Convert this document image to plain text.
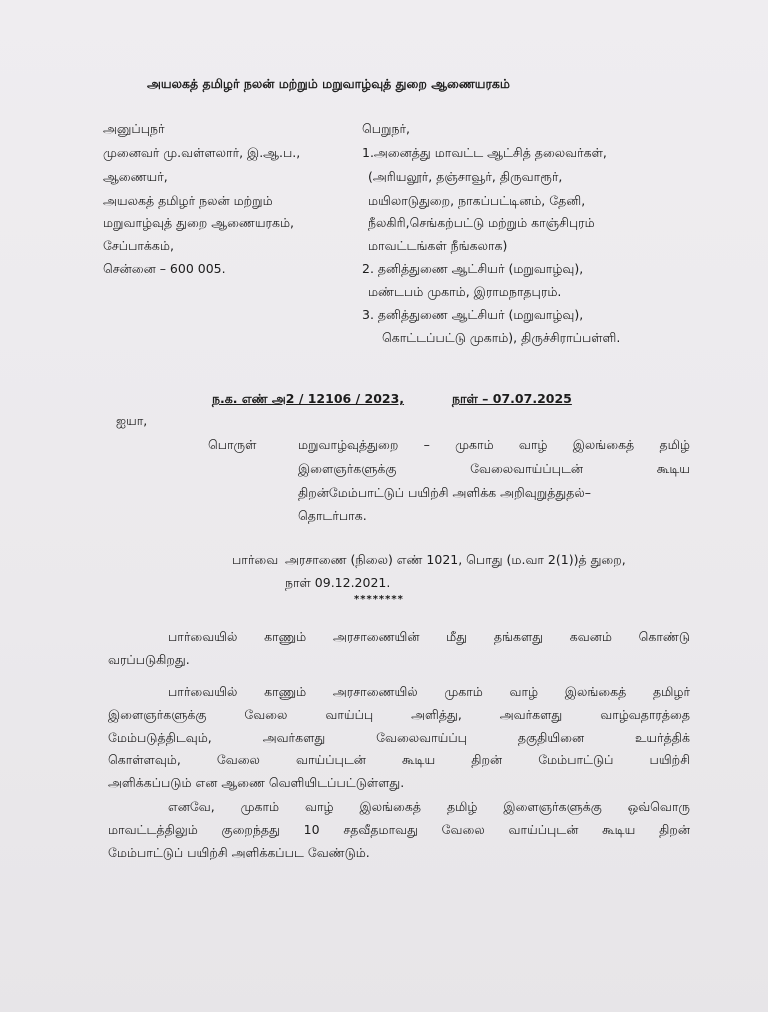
அயலகத் தமிழர் நலன் மற்றும் மறுவாழ்வுத் துறை ஆணையரகம்
அனுப்புநர்
முனைவர் மு.வள்ளலார், இ.ஆ.ப.,
ஆணையர்,
அயலகத் தமிழர் நலன் மற்றும்
மறுவாழ்வுத் துறை ஆணையரகம்,
சேப்பாக்கம்,
சென்னை – 600 005.
பெறுநர்,
1.அனைத்து மாவட்ட ஆட்சித் தலைவர்கள்,
(அரியலூர், தஞ்சாவூர், திருவாரூர்,
மயிலாடுதுறை, நாகப்பட்டினம், தேனி,
நீலகிரி,செங்கற்பட்டு மற்றும் காஞ்சிபுரம்
மாவட்டங்கள் நீங்கலாக)
2. தனித்துணை ஆட்சியர் (மறுவாழ்வு),
மண்டபம் முகாம், இராமநாதபுரம்.
3. தனித்துணை ஆட்சியர் (மறுவாழ்வு),
கொட்டப்பட்டு முகாம்), திருச்சிராப்பள்ளி.
ந.க. எண் அ2 / 12106 / 2023,	நாள் – 07.07.2025
ஐயா,
பொருள்	மறுவாழ்வுத்துறை – முகாம் வாழ் இலங்கைத் தமிழ்
இளைஞர்களுக்கு வேலைவாய்ப்புடன் கூடிய
திறன்மேம்பாட்டுப் பயிற்சி அளிக்க அறிவுறுத்துதல்–
தொடர்பாக.
பார்வை அரசாணை (நிலை) எண் 1021, பொது (ம.வா 2(1))த் துறை,
நாள் 09.12.2021.
********
பார்வையில் காணும் அரசாணையின் மீது தங்களது கவனம் கொண்டு
வரப்படுகிறது.
பார்வையில் காணும் அரசாணையில் முகாம் வாழ் இலங்கைத் தமிழர்
இளைஞர்களுக்கு வேலை வாய்ப்பு அளித்து, அவர்களது வாழ்வதாரத்தை
மேம்படுத்திடவும், அவர்களது வேலைவாய்ப்பு தகுதியினை உயர்த்திக்
கொள்ளவும், வேலை வாய்ப்புடன் கூடிய திறன் மேம்பாட்டுப் பயிற்சி
அளிக்கப்படும் என ஆணை வெளியிடப்பட்டுள்ளது.
எனவே, முகாம் வாழ் இலங்கைத் தமிழ் இளைஞர்களுக்கு ஒவ்வொரு
மாவட்டத்திலும் குறைந்தது 10 சதவீதமாவது வேலை வாய்ப்புடன் கூடிய திறன்
மேம்பாட்டுப் பயிற்சி அளிக்கப்பட வேண்டும்.
